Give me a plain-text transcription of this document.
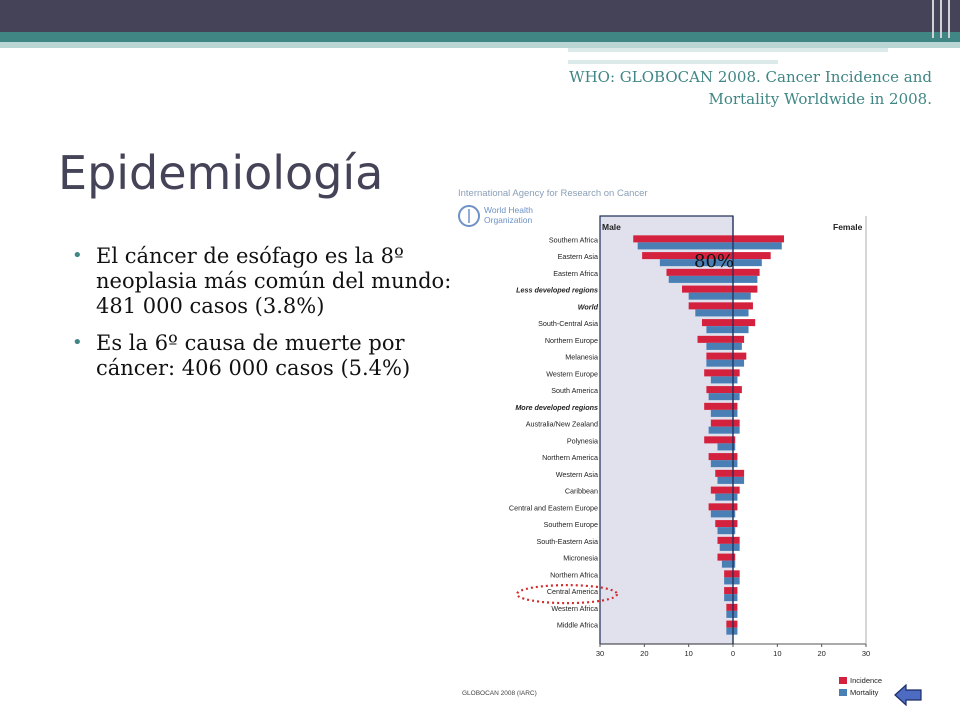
WHO: GLOBOCAN 2008. Cancer Incidence and
Mortality Worldwide in 2008.
Epidemiología
• El cáncer de esófago es la 8º neoplasia más común del mundo: 481 000 casos (3.8%)
• Es la 6º causa de muerte por cáncer: 406 000 casos (5.4%)
International Agency for Research on Cancer
World Health
Organization
Southern Africa
Eastern Asia
Eastern Africa
Less developed regions
World
South-Central Asia
Northern Europe
Melanesia
Western Europe
South America
More developed regions
Australia/New Zealand
Polynesia
Northern America
Western Asia
Caribbean
Central and Eastern Europe
Southern Europe
South-Eastern Asia
Micronesia
Northern Africa
Central America
Western Africa
Middle Africa
30	20	10	0	10	20	30
Incidence
Mortality
Male	Female
80%
GLOBOCAN 2008 (IARC)
